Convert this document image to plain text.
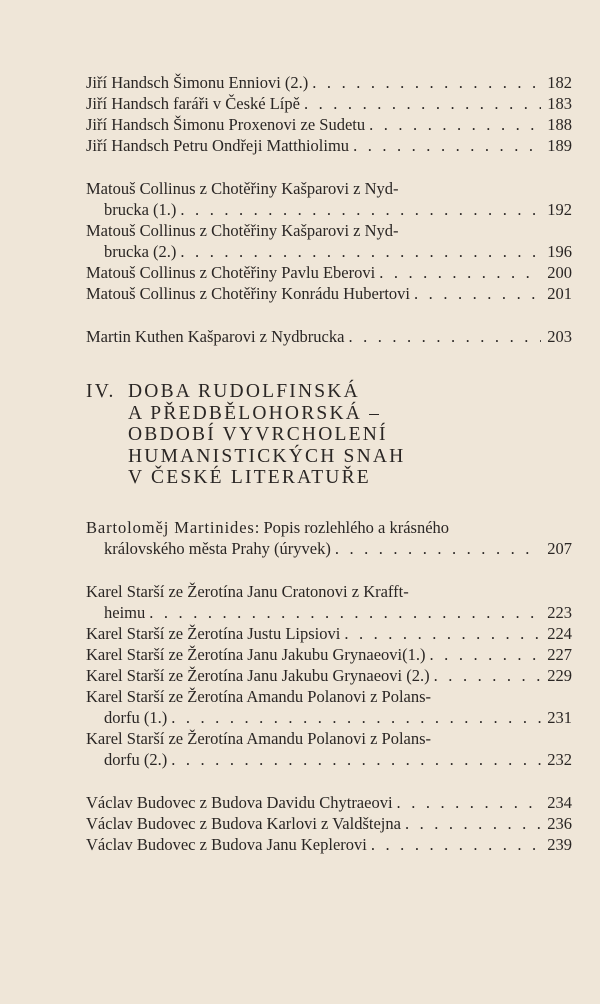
Jiří Handsch Šimonu Enniovi (2.) . . .	182
Jiří Handsch faráři v České Lípě . . .	183
Jiří Handsch Šimonu Proxenovi ze Sudetu . . .	188
Jiří Handsch Petru Ondřeji Matthiolimu . . .	189
Matouš Collinus z Chotěřiny Kašparovi z Nyd-
brucka (1.) . . .	192
Matouš Collinus z Chotěřiny Kašparovi z Nyd-
brucka (2.) . . .	196
Matouš Collinus z Chotěřiny Pavlu Eberovi . . .	200
Matouš Collinus z Chotěřiny Konrádu Hubertovi . . .	201
Martin Kuthen Kašparovi z Nydbrucka . . .	203
IV. DOBA RUDOLFINSKÁ
A PŘEDBĚLOHORSKÁ –
OBDOBÍ VYVRCHOLENÍ
HUMANISTICKÝCH SNAH
V ČESKÉ LITERATUŘE
Bartoloměj Martinides: Popis rozlehlého a krásného
královského města Prahy (úryvek) . . .	207
Karel Starší ze Žerotína Janu Cratonovi z Krafft-
heimu . . .	223
Karel Starší ze Žerotína Justu Lipsiovi . . .	224
Karel Starší ze Žerotína Janu Jakubu Grynaeovi(1.) . . .	227
Karel Starší ze Žerotína Janu Jakubu Grynaeovi (2.) . . .	229
Karel Starší ze Žerotína Amandu Polanovi z Polans-
dorfu (1.) . . .	231
Karel Starší ze Žerotína Amandu Polanovi z Polans-
dorfu (2.) . . .	232
Václav Budovec z Budova Davidu Chytraeovi . . .	234
Václav Budovec z Budova Karlovi z Valdštejna . . .	236
Václav Budovec z Budova Janu Keplerovi . . .	239
